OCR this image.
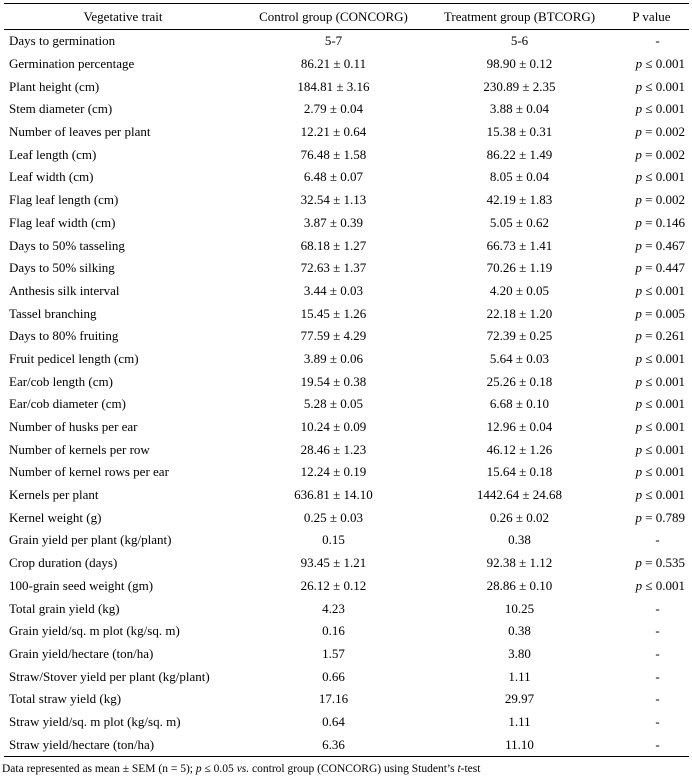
Vegetative trait	Control group (CONCORG)	Treatment group (BTCORG)	P value
Days to germination	5-7	5-6	-
Germination percentage	86.21 ± 0.11	98.90 ± 0.12	p ≤ 0.001
Plant height (cm)	184.81 ± 3.16	230.89 ± 2.35	p ≤ 0.001
Stem diameter (cm)	2.79 ± 0.04	3.88 ± 0.04	p ≤ 0.001
Number of leaves per plant	12.21 ± 0.64	15.38 ± 0.31	p = 0.002
Leaf length (cm)	76.48 ± 1.58	86.22 ± 1.49	p = 0.002
Leaf width (cm)	6.48 ± 0.07	8.05 ± 0.04	p ≤ 0.001
Flag leaf length (cm)	32.54 ± 1.13	42.19 ± 1.83	p = 0.002
Flag leaf width (cm)	3.87 ± 0.39	5.05 ± 0.62	p = 0.146
Days to 50% tasseling	68.18 ± 1.27	66.73 ± 1.41	p = 0.467
Days to 50% silking	72.63 ± 1.37	70.26 ± 1.19	p = 0.447
Anthesis silk interval	3.44 ± 0.03	4.20 ± 0.05	p ≤ 0.001
Tassel branching	15.45 ± 1.26	22.18 ± 1.20	p = 0.005
Days to 80% fruiting	77.59 ± 4.29	72.39 ± 0.25	p = 0.261
Fruit pedicel length (cm)	3.89 ± 0.06	5.64 ± 0.03	p ≤ 0.001
Ear/cob length (cm)	19.54 ± 0.38	25.26 ± 0.18	p ≤ 0.001
Ear/cob diameter (cm)	5.28 ± 0.05	6.68 ± 0.10	p ≤ 0.001
Number of husks per ear	10.24 ± 0.09	12.96 ± 0.04	p ≤ 0.001
Number of kernels per row	28.46 ± 1.23	46.12 ± 1.26	p ≤ 0.001
Number of kernel rows per ear	12.24 ± 0.19	15.64 ± 0.18	p ≤ 0.001
Kernels per plant	636.81 ± 14.10	1442.64 ± 24.68	p ≤ 0.001
Kernel weight (g)	0.25 ± 0.03	0.26 ± 0.02	p = 0.789
Grain yield per plant (kg/plant)	0.15	0.38	-
Crop duration (days)	93.45 ± 1.21	92.38 ± 1.12	p = 0.535
100-grain seed weight (gm)	26.12 ± 0.12	28.86 ± 0.10	p ≤ 0.001
Total grain yield (kg)	4.23	10.25	-
Grain yield/sq. m plot (kg/sq. m)	0.16	0.38	-
Grain yield/hectare (ton/ha)	1.57	3.80	-
Straw/Stover yield per plant (kg/plant)	0.66	1.11	-
Total straw yield (kg)	17.16	29.97	-
Straw yield/sq. m plot (kg/sq. m)	0.64	1.11	-
Straw yield/hectare (ton/ha)	6.36	11.10	-
Data represented as mean ± SEM (n = 5); p ≤ 0.05 vs. control group (CONCORG) using Student’s t-test
